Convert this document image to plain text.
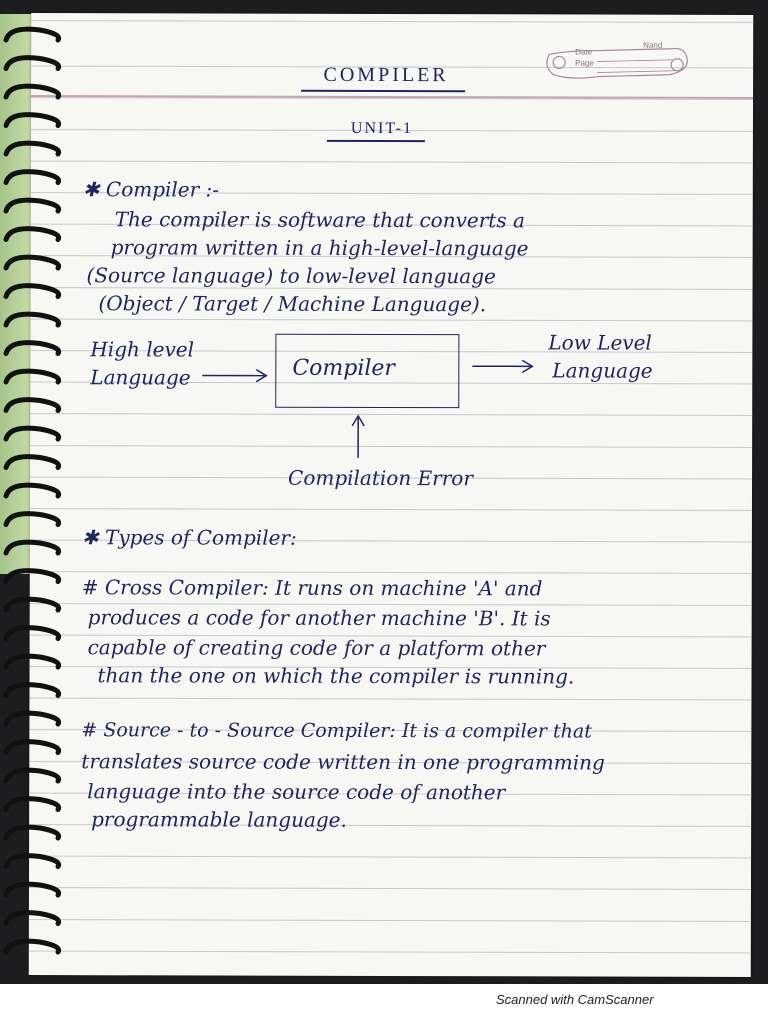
Nand
Date
Page
COMPILER
UNIT-1
✱ Compiler :-
The compiler is software that converts a
program written in a high-level-language
(Source language) to low-level language
(Object / Target / Machine Language).
High level
Language	Compiler
Low Level
Language
Compilation Error
✱ Types of Compiler:
# Cross Compiler: It runs on machine 'A' and
produces a code for another machine 'B'. It is
capable of creating code for a platform other
than the one on which the compiler is running.
# Source - to - Source Compiler: It is a compiler that
translates source code written in one programming
language into the source code of another
programmable language.
Scanned with CamScanner
